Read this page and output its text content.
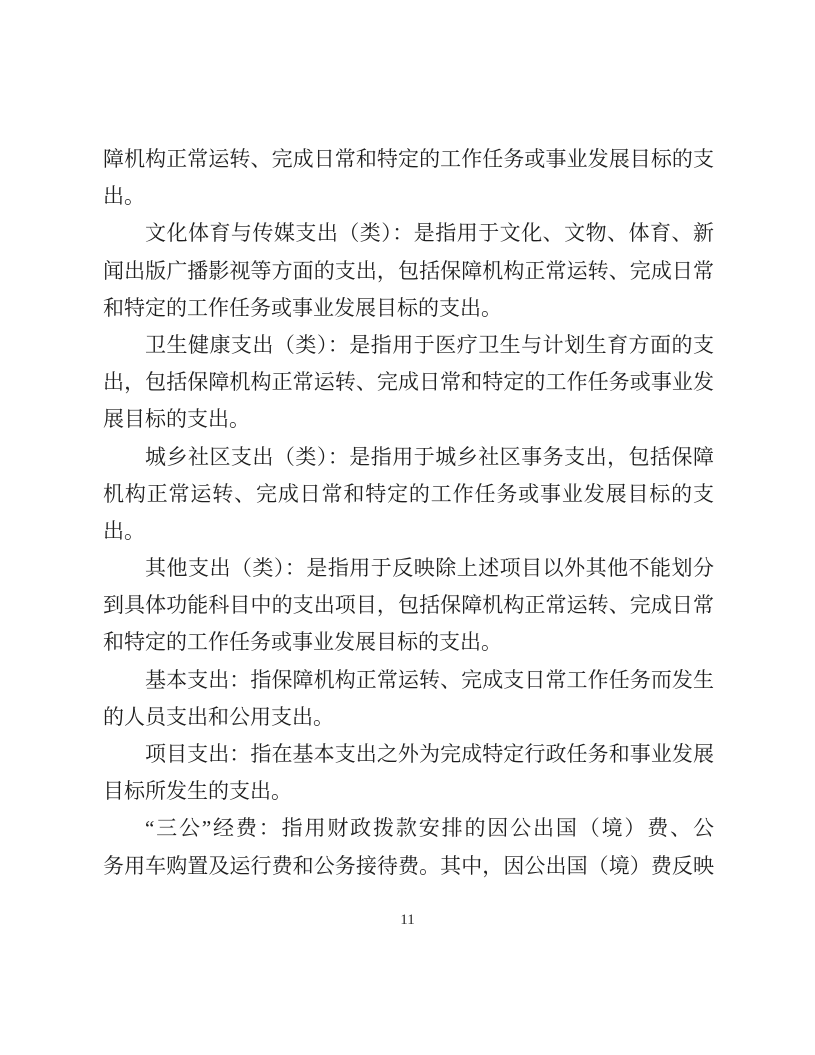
障机构正常运转、完成日常和特定的工作任务或事业发展目标的支
出。
文化体育与传媒支出（类）：是指用于文化、文物、体育、新
闻出版广播影视等方面的支出，包括保障机构正常运转、完成日常
和特定的工作任务或事业发展目标的支出。
卫生健康支出（类）：是指用于医疗卫生与计划生育方面的支
出，包括保障机构正常运转、完成日常和特定的工作任务或事业发
展目标的支出。
城乡社区支出（类）：是指用于城乡社区事务支出，包括保障
机构正常运转、完成日常和特定的工作任务或事业发展目标的支
出。
其他支出（类）：是指用于反映除上述项目以外其他不能划分
到具体功能科目中的支出项目，包括保障机构正常运转、完成日常
和特定的工作任务或事业发展目标的支出。
基本支出：指保障机构正常运转、完成支日常工作任务而发生
的人员支出和公用支出。
项目支出：指在基本支出之外为完成特定行政任务和事业发展
目标所发生的支出。
“三公”经费：指用财政拨款安排的因公出国（境）费、公
务用车购置及运行费和公务接待费。其中，因公出国（境）费反映
11
